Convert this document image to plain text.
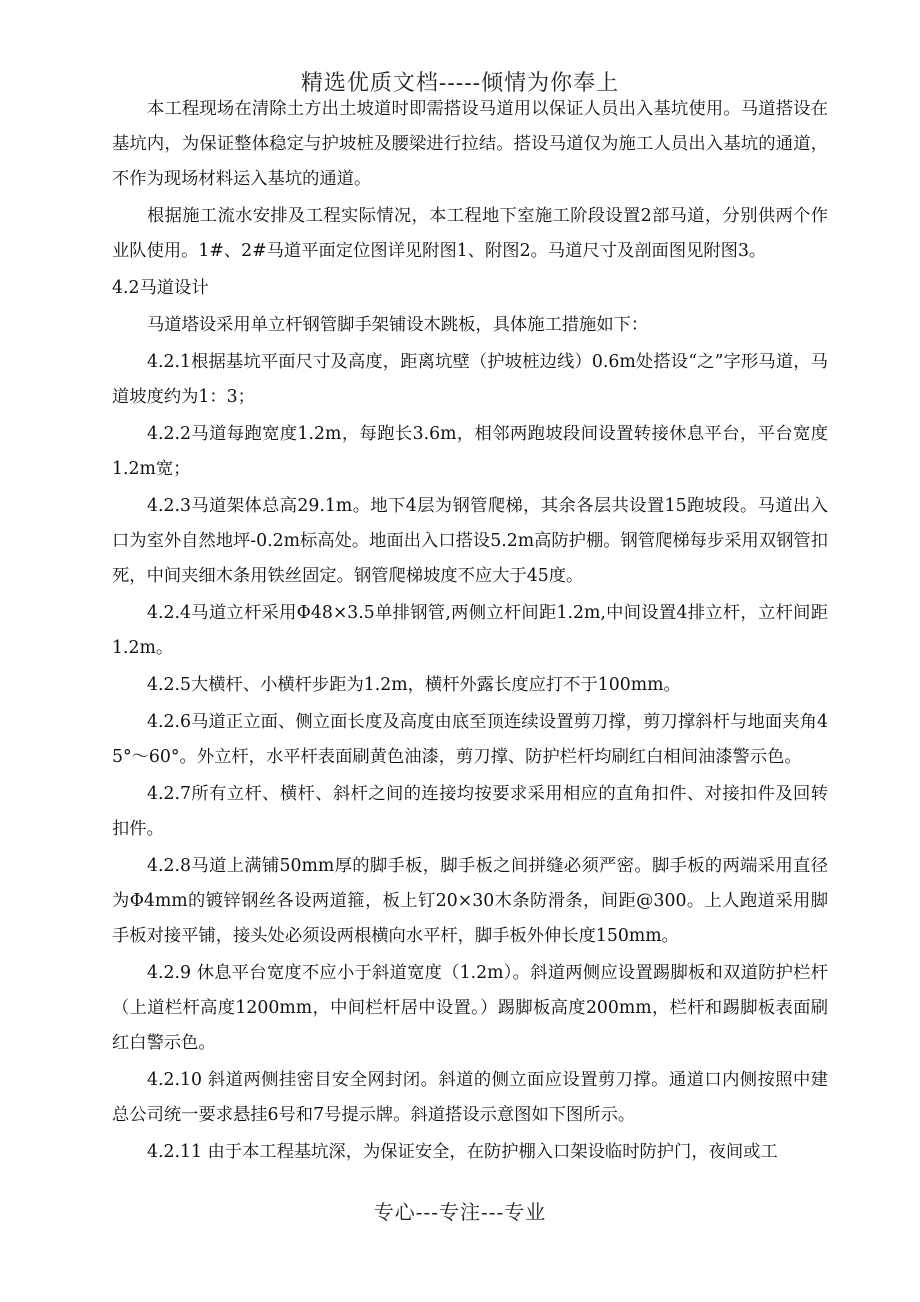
精选优质文档-----倾情为你奉上

本工程现场在清除土方出土坡道时即需搭设马道用以保证人员出入基坑使用。马道搭设在基坑内，为保证整体稳定与护坡桩及腰梁进行拉结。搭设马道仅为施工人员出入基坑的通道，不作为现场材料运入基坑的通道。

根据施工流水安排及工程实际情况，本工程地下室施工阶段设置2部马道，分别供两个作业队使用。1#、2#马道平面定位图详见附图1、附图2。马道尺寸及剖面图见附图3。

4.2马道设计

马道塔设采用单立杆钢管脚手架铺设木跳板，具体施工措施如下：

4.2.1根据基坑平面尺寸及高度，距离坑壁（护坡桩边线）0.6m处搭设“之”字形马道，马道坡度约为1：3；

4.2.2马道每跑宽度1.2m，每跑长3.6m，相邻两跑坡段间设置转接休息平台，平台宽度1.2m宽；

4.2.3马道架体总高29.1m。地下4层为钢管爬梯，其余各层共设置15跑坡段。马道出入口为室外自然地坪-0.2m标高处。地面出入口搭设5.2m高防护棚。钢管爬梯每步采用双钢管扣死，中间夹细木条用铁丝固定。钢管爬梯坡度不应大于45度。

4.2.4马道立杆采用Φ48×3.5单排钢管,两侧立杆间距1.2m,中间设置4排立杆，立杆间距1.2m。

4.2.5大横杆、小横杆步距为1.2m，横杆外露长度应打不于100mm。

4.2.6马道正立面、侧立面长度及高度由底至顶连续设置剪刀撑，剪刀撑斜杆与地面夹角45°～60°。外立杆，水平杆表面刷黄色油漆，剪刀撑、防护栏杆均刷红白相间油漆警示色。

4.2.7所有立杆、横杆、斜杆之间的连接均按要求采用相应的直角扣件、对接扣件及回转扣件。

4.2.8马道上满铺50mm厚的脚手板，脚手板之间拼缝必须严密。脚手板的两端采用直径为Φ4mm的镀锌钢丝各设两道箍，板上钉20×30木条防滑条，间距@300。上人跑道采用脚手板对接平铺，接头处必须设两根横向水平杆，脚手板外伸长度150mm。

4.2.9 休息平台宽度不应小于斜道宽度（1.2m）。斜道两侧应设置踢脚板和双道防护栏杆（上道栏杆高度1200mm，中间栏杆居中设置。）踢脚板高度200mm，栏杆和踢脚板表面刷红白警示色。

4.2.10 斜道两侧挂密目安全网封闭。斜道的侧立面应设置剪刀撑。通道口内侧按照中建总公司统一要求悬挂6号和7号提示牌。斜道搭设示意图如下图所示。

4.2.11 由于本工程基坑深，为保证安全，在防护棚入口架设临时防护门，夜间或工

专心---专注---专业
